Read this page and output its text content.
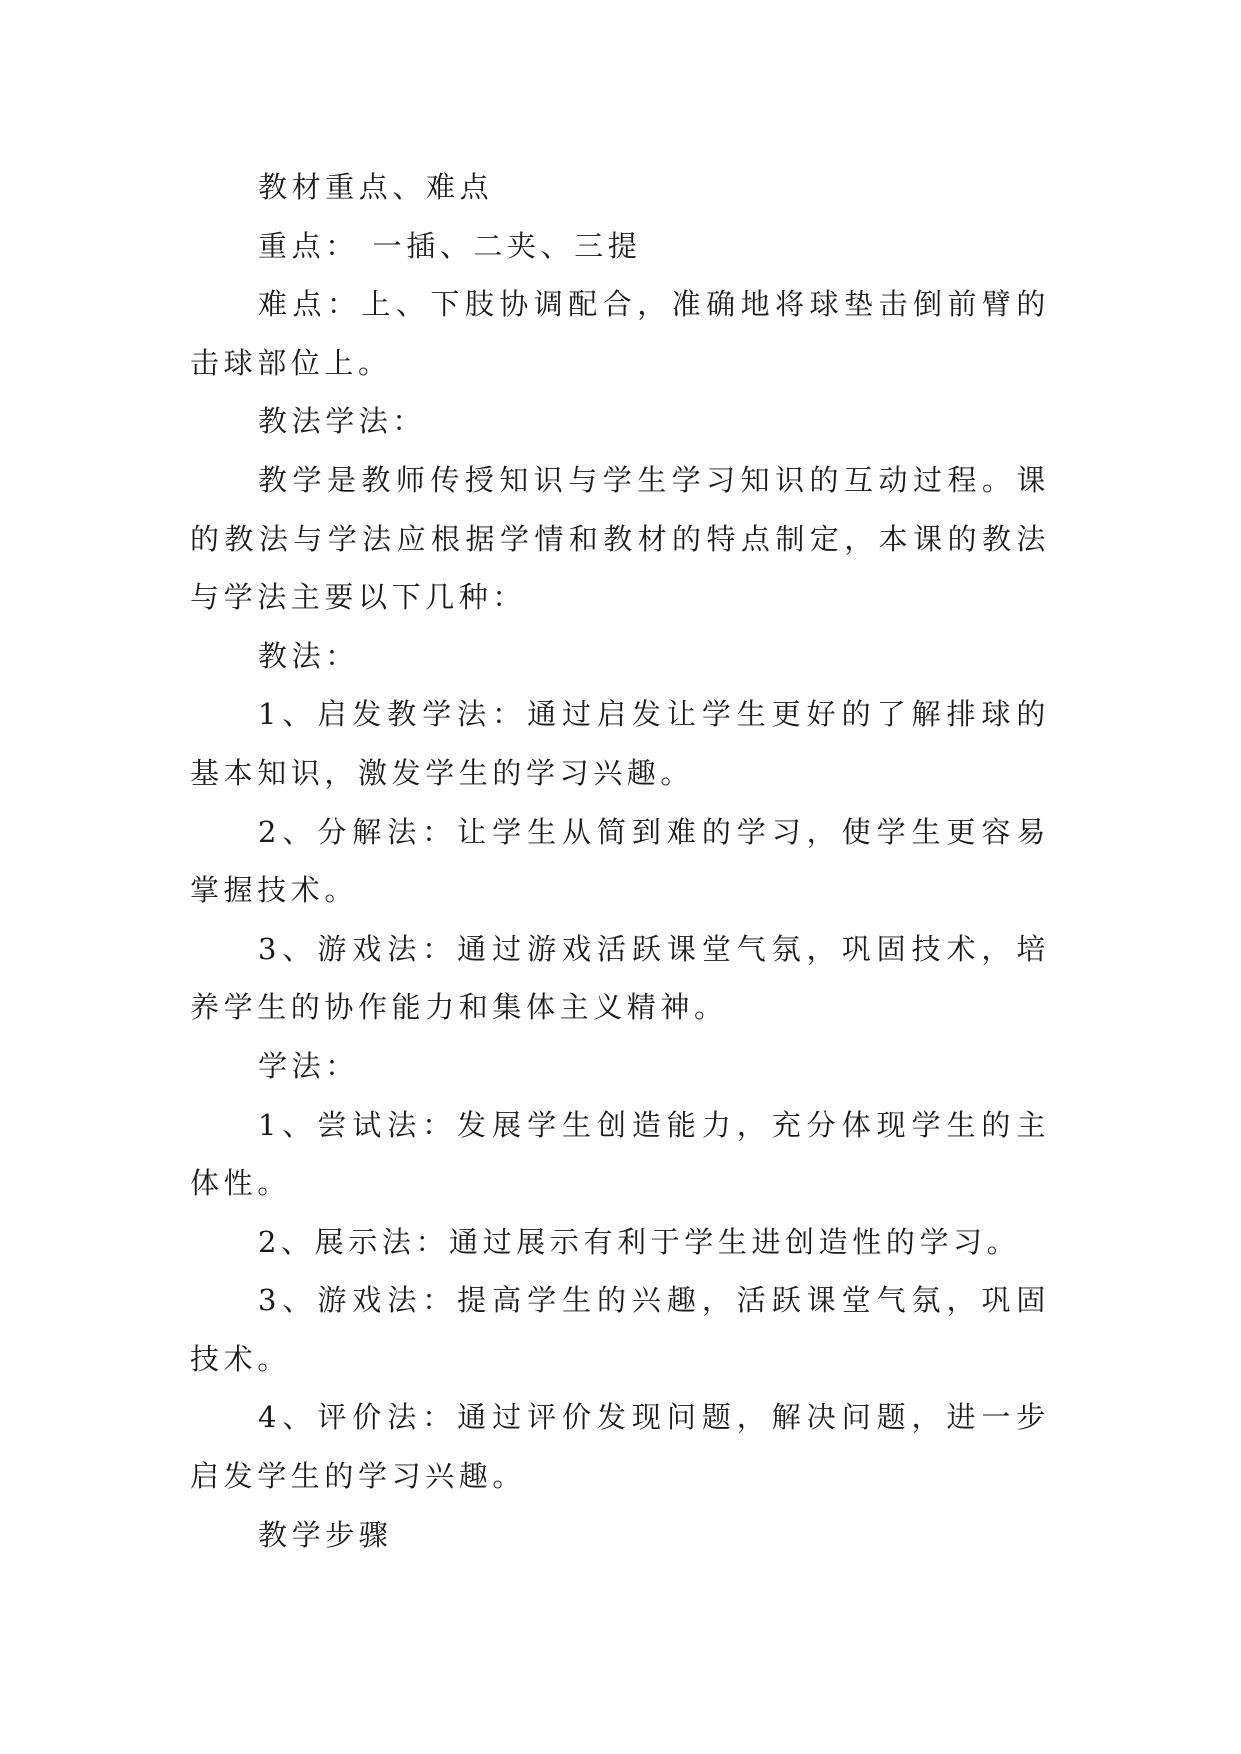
教材重点、难点

重点： 一插、二夹、三提

难点：上、下肢协调配合，准确地将球垫击倒前臂的击球部位上。

教法学法：

教学是教师传授知识与学生学习知识的互动过程。课的教法与学法应根据学情和教材的特点制定，本课的教法与学法主要以下几种：

教法：

1、启发教学法：通过启发让学生更好的了解排球的基本知识，激发学生的学习兴趣。

2、分解法：让学生从简到难的学习，使学生更容易掌握技术。

3、游戏法：通过游戏活跃课堂气氛，巩固技术，培养学生的协作能力和集体主义精神。

学法：

1、尝试法：发展学生创造能力，充分体现学生的主体性。

2、展示法：通过展示有利于学生进创造性的学习。

3、游戏法：提高学生的兴趣，活跃课堂气氛，巩固技术。

4、评价法：通过评价发现问题，解决问题，进一步启发学生的学习兴趣。

教学步骤
